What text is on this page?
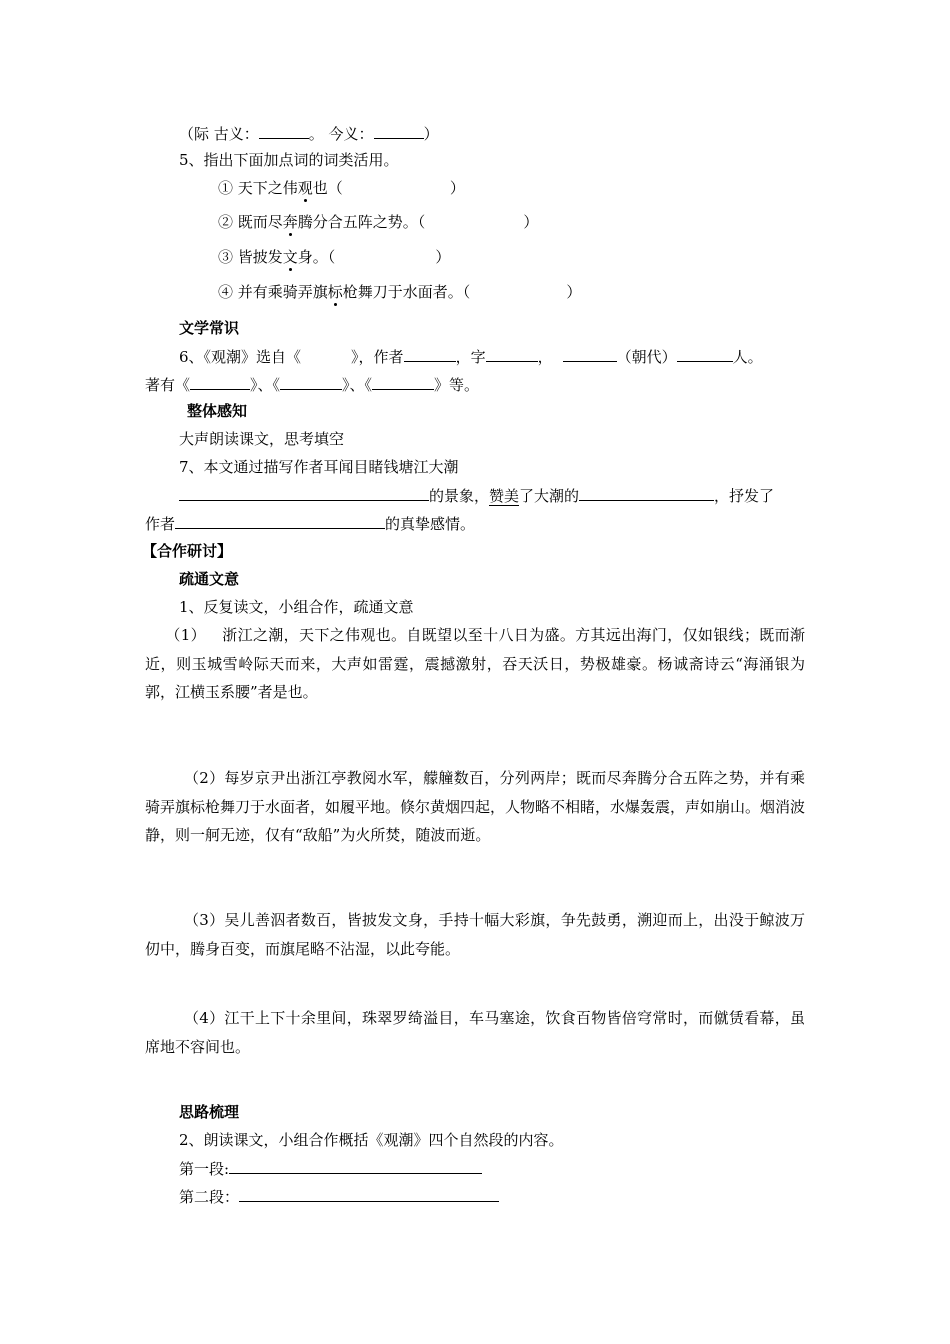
（际 古义：	。 今义：	）
5、指出下面加点词的词类活用。
① 天下之伟观也（	）
② 既而尽奔腾分合五阵之势。（	）
③ 皆披发文身。（	）
④ 并有乘骑弄旗标枪舞刀于水面者。（	）
文学常识
6、《观潮》选自《	》，作者	，字	，	（朝代）	人。
著有《	》、《	》、《	》等。
整体感知
大声朗读课文，思考填空
7、本文通过描写作者耳闻目睹钱塘江大潮
的景象，赞美了大潮的	，抒发了
作者	的真挚感情。
【合作研讨】
疏通文意
1、反复读文，小组合作，疏通文意
（1） 浙江之潮，天下之伟观也。自既望以至十八日为盛。方其远出海门，仅如银线；既而渐近，则玉城雪岭际天而来，大声如雷霆，震撼激射，吞天沃日，势极雄豪。杨诚斋诗云“海涌银为郭，江横玉系腰”者是也。
（2）每岁京尹出浙江亭教阅水军，艨艟数百，分列两岸；既而尽奔腾分合五阵之势，并有乘骑弄旗标枪舞刀于水面者，如履平地。倏尔黄烟四起，人物略不相睹，水爆轰震，声如崩山。烟消波静，则一舸无迹，仅有“敌船”为火所焚，随波而逝。
（3）吴儿善泅者数百，皆披发文身，手持十幅大彩旗，争先鼓勇，溯迎而上，出没于鲸波万仞中，腾身百变，而旗尾略不沾湿，以此夸能。
（4）江干上下十余里间，珠翠罗绮溢目，车马塞途，饮食百物皆倍穹常时，而僦赁看幕，虽席地不容间也。
思路梳理
2、朗读课文，小组合作概括《观潮》四个自然段的内容。
第一段:
第二段：
